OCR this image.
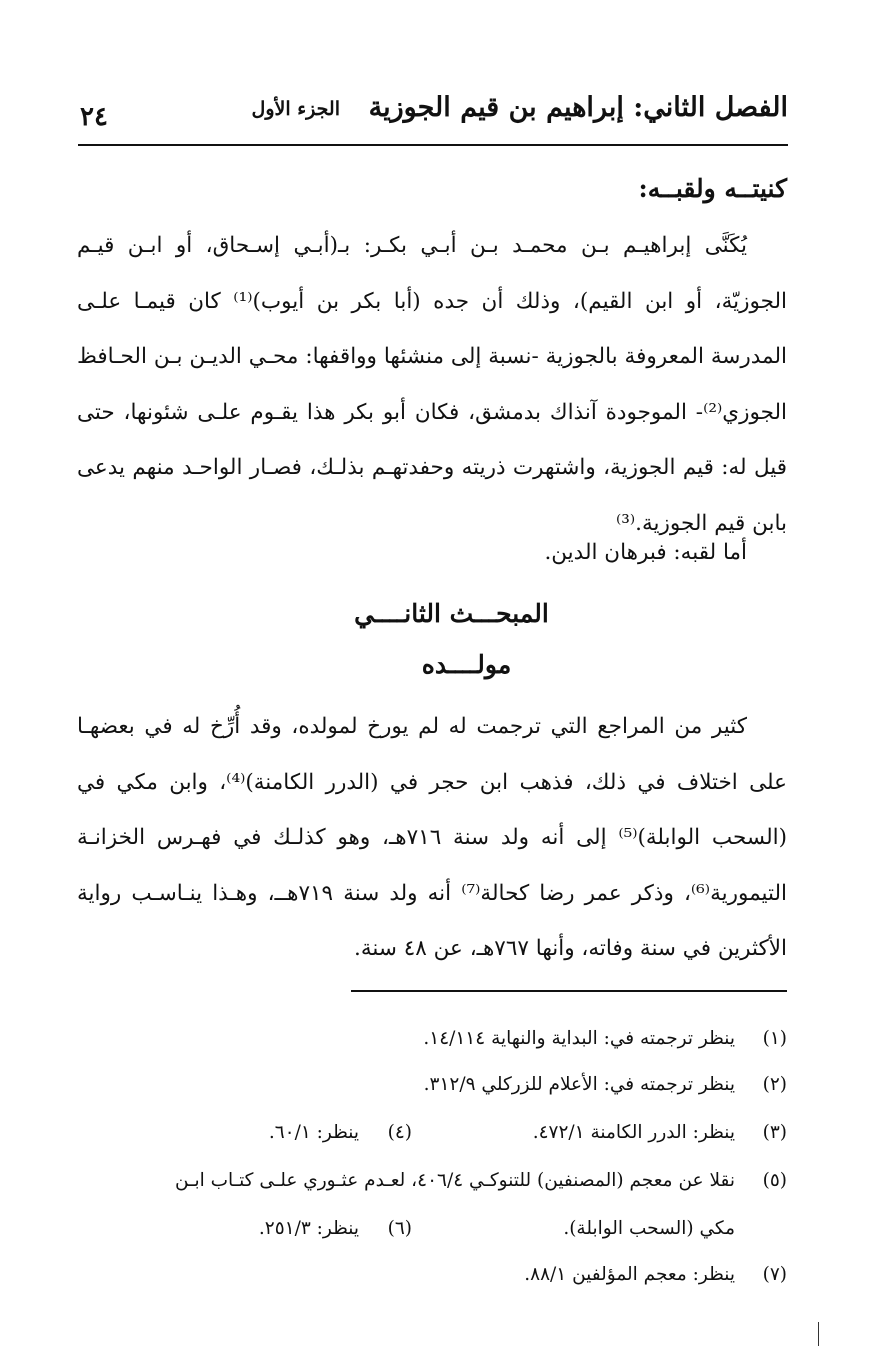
الفصل الثاني: إبراهيم بن قيم الجوزية
الجزء الأول
٢٤
كنيتــه ولقبــه:
يُكَنَّى إبراهيـم بـن محمـد بـن أبـي بكـر: بـ(أبـي إسـحاق، أو ابـن قيـم الجوزيّة، أو ابن القيم)، وذلك أن جده (أبا بكر بن أيوب)⁽¹⁾ كان قيمـا علـى المدرسة المعروفة بالجوزية -نسبة إلى منشئها وواقفها: محـي الديـن بـن الحـافظ الجوزي⁽²⁾- الموجودة آنذاك بدمشق، فكان أبو بكر هذا يقـوم علـى شئونها، حتى قيل له: قيم الجوزية، واشتهرت ذريته وحفدتهـم بذلـك، فصـار الواحـد منهم يدعى بابن قيم الجوزية.⁽³⁾
أما لقبه: فبرهان الدين.
المبحـــث الثانــــي
مولــــده
كثير من المراجع التي ترجمت له لم يورخ لمولده، وقد أُرِّخ له في بعضهـا على اختلاف في ذلك، فذهب ابن حجر في (الدرر الكامنة)⁽⁴⁾، وابن مكي في (السحب الوابلة)⁽⁵⁾ إلى أنه ولد سنة ٧١٦هـ، وهو كذلـك في فهـرس الخزانـة التيمورية⁽⁶⁾، وذكر عمر رضا كحالة⁽⁷⁾ أنه ولد سنة ٧١٩هــ، وهـذا ينـاسـب رواية الأكثرين في سنة وفاته، وأنها ٧٦٧هـ، عن ٤٨ سنة.
(١)
ينظر ترجمته في: البداية والنهاية ١٤/١١٤.
(٢)
ينظر ترجمته في: الأعلام للزركلي ٣١٢/٩.
(٣)
ينظر: الدرر الكامنة ٤٧٢/١.
(٤)
ينظر: ٦٠/١.
(٥)
نقلا عن معجم (المصنفين) للتنوكـي ٤٠٦/٤، لعـدم عثـوري علـى كتـاب ابـن
مكي (السحب الوابلة).
(٦)
ينظر: ٢٥١/٣.
(٧)
ينظر: معجم المؤلفين ٨٨/١.
